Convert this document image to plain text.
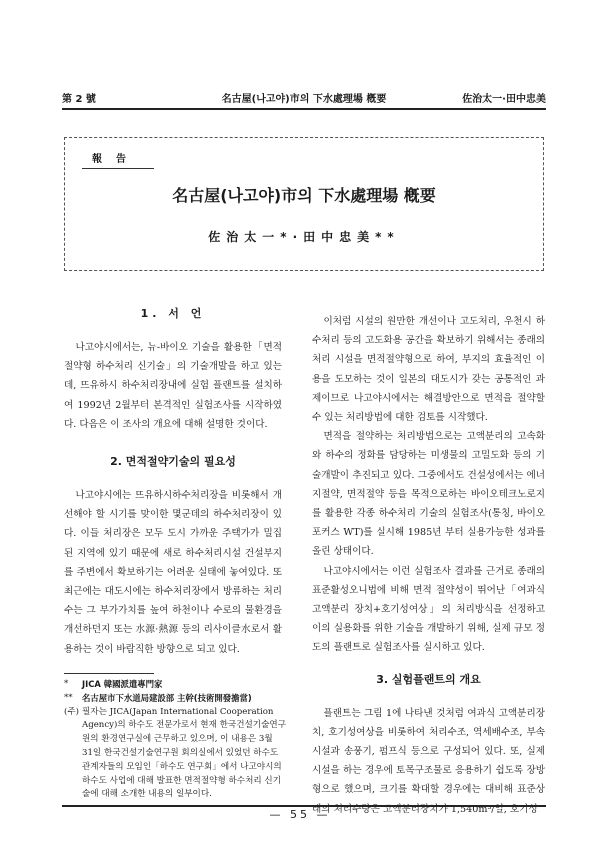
第 2 號	名古屋(나고야)市의 下水處理場 槪要	佐治太一·田中忠美
報告
名古屋(나고야)市의 下水處理場 槪要
佐治太一*·田中忠美**
1. 서 언

나고야시에서는, 뉴-바이오 기술을 활용한「면적 절약형 하수처리 신기술」의 기술개발을 하고 있는데, 뜨유하시 하수처리장내에 실험 플랜트를 설치하여 1992년 2월부터 본격적인 실험조사를 시작하였다. 다음은 이 조사의 개요에 대해 설명한 것이다.

2. 면적절약기술의 필요성

나고야시에는 뜨유하시하수처리장을 비롯해서 개선해야 할 시기를 맞이한 몇군데의 하수처리장이 있다. 이들 처리장은 모두 도시 가까운 주택가가 밀집된 지역에 있기 때문에 새로 하수처리시설 건설부지를 주변에서 확보하기는 어려운 실태에 놓여있다. 또 최근에는 대도시에는 하수처리장에서 방류하는 처리수는 그 부가가치를 높여 하천이나 수로의 물환경을 개선하던지 또는 水源·熱源 등의 리사이클水로서 활용하는 것이 바람직한 방향으로 되고 있다.

이처럼 시설의 원만한 개선이나 고도처리, 우천시 하수처리 등의 고도화용 공간을 확보하기 위해서는 종래의 처리 시설을 면적절약형으로 하여, 부지의 효율적인 이용을 도모하는 것이 일본의 대도시가 갖는 공통적인 과제이므로 나고야시에서는 해결방안으로 면적을 절약할 수 있는 처리방법에 대한 검토를 시작했다.

면적을 절약하는 처리방법으로는 고액분리의 고속화와 하수의 정화를 담당하는 미생물의 고밀도화 등의 기술개발이 추진되고 있다. 그중에서도 건설성에서는 에너지절약, 면적절약 등을 목적으로하는 바이오테크노로지를 활용한 각종 하수처리 기술의 실험조사(통칭, 바이오 포커스 WT)를 실시해 1985년 부터 실용가능한 성과를 올린 상태이다.

나고야시에서는 이런 실험조사 결과를 근거로 종래의 표준활성오니법에 비해 면적 절약성이 뛰어난「여과식 고액분리 장치+호기성여상」의 처리방식을 선정하고 이의 실용화를 위한 기술을 개발하기 위해, 실제 규모 정도의 플랜트로 실험조사를 실시하고 있다.

3. 실험플랜트의 개요

플랜트는 그림 1에 나타낸 것처럼 여과식 고액분리장치, 호기성여상을 비롯하여 처리수조, 역세배수조, 부속시설과 송풍기, 펌프식 등으로 구성되어 있다. 또, 실제 시설을 하는 경우에 토목구조물로 응용하기 쉽도록 장방형으로 했으며, 크기를 확대할 경우에는 대비해 표준상태의 처리수량은 고액분리장치가 1,540m³/일, 호기성

*	JICA 韓國派遣專門家
**	名古屋市下水道局建設部 主幹(技術開發擔當)
(주) 필자는 JICA(Japan International Cooperation Agency)의 하수도 전문가로서 현재 한국건설기술연구원의 환경연구실에 근무하고 있으며, 이 내용은 3월 31일 한국건설기술연구원 회의실에서 있었던 하수도 관계자들의 모임인「하수도 연구회」에서 나고야시의 하수도 사업에 대해 발표한 면적절약형 하수처리 신기술에 대해 소개한 내용의 일부이다.
— 55 —
